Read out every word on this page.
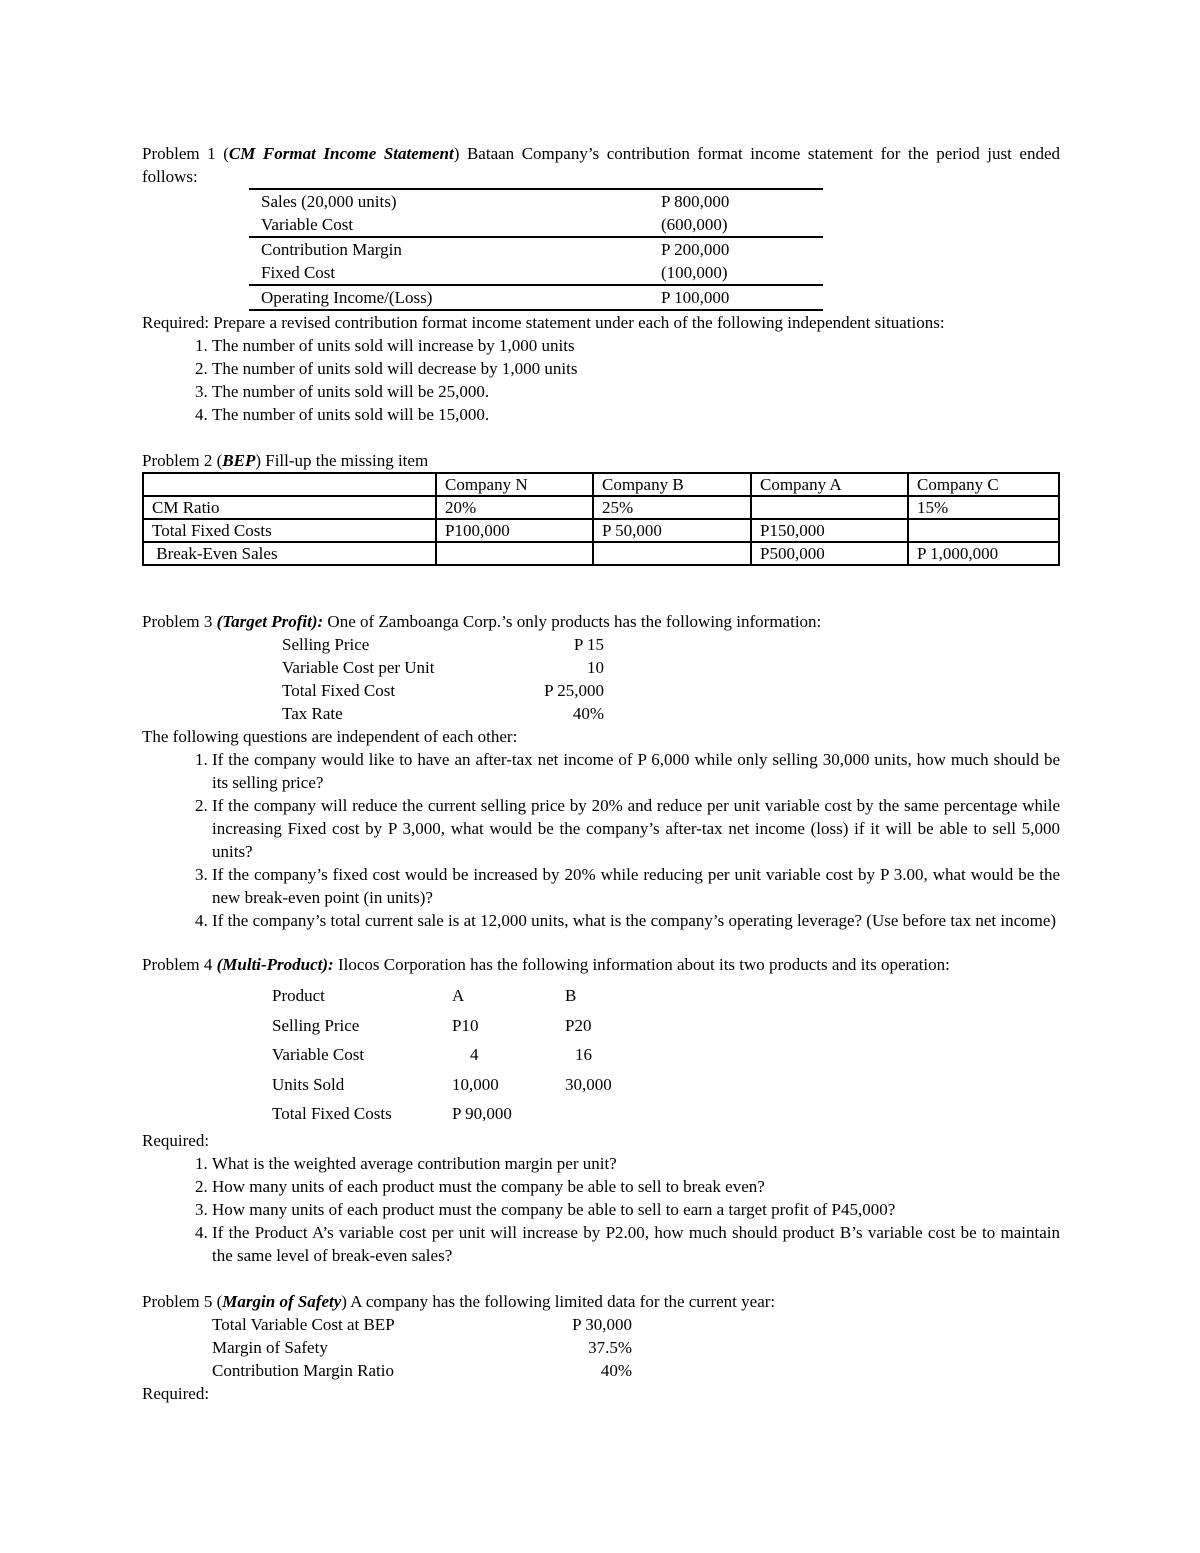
Problem 1 (CM Format Income Statement) Bataan Company’s contribution format income statement for the period just ended follows:

Sales (20,000 units)	P 800,000
Variable Cost	(600,000)
Contribution Margin	P 200,000
Fixed Cost	(100,000)
Operating Income/(Loss)	P 100,000

Required: Prepare a revised contribution format income statement under each of the following independent situations:

1. The number of units sold will increase by 1,000 units
2. The number of units sold will decrease by 1,000 units
3. The number of units sold will be 25,000.
4. The number of units sold will be 15,000.

Problem 2 (BEP) Fill-up the missing item

	Company N	Company B	Company A	Company C
CM Ratio	20%	25%		15%
Total Fixed Costs	P100,000	P 50,000	P150,000	
Break-Even Sales			P500,000	P 1,000,000

Problem 3 (Target Profit): One of Zamboanga Corp.’s only products has the following information:

Selling Price	P 15
Variable Cost per Unit	10
Total Fixed Cost	P 25,000
Tax Rate	40%

The following questions are independent of each other:

1. If the company would like to have an after-tax net income of P 6,000 while only selling 30,000 units, how much should be its selling price?
2. If the company will reduce the current selling price by 20% and reduce per unit variable cost by the same percentage while increasing Fixed cost by P 3,000, what would be the company’s after-tax net income (loss) if it will be able to sell 5,000 units?
3. If the company’s fixed cost would be increased by 20% while reducing per unit variable cost by P 3.00, what would be the new break-even point (in units)?
4. If the company’s total current sale is at 12,000 units, what is the company’s operating leverage? (Use before tax net income)

Problem 4 (Multi-Product): Ilocos Corporation has the following information about its two products and its operation:

Product	A	B
Selling Price	P10	P20
Variable Cost	4	16
Units Sold	10,000	30,000
Total Fixed Costs	P 90,000	

Required:

1. What is the weighted average contribution margin per unit?
2. How many units of each product must the company be able to sell to break even?
3. How many units of each product must the company be able to sell to earn a target profit of P45,000?
4. If the Product A’s variable cost per unit will increase by P2.00, how much should product B’s variable cost be to maintain the same level of break-even sales?

Problem 5 (Margin of Safety) A company has the following limited data for the current year:

Total Variable Cost at BEP	P 30,000
Margin of Safety	37.5%
Contribution Margin Ratio	40%

Required:
